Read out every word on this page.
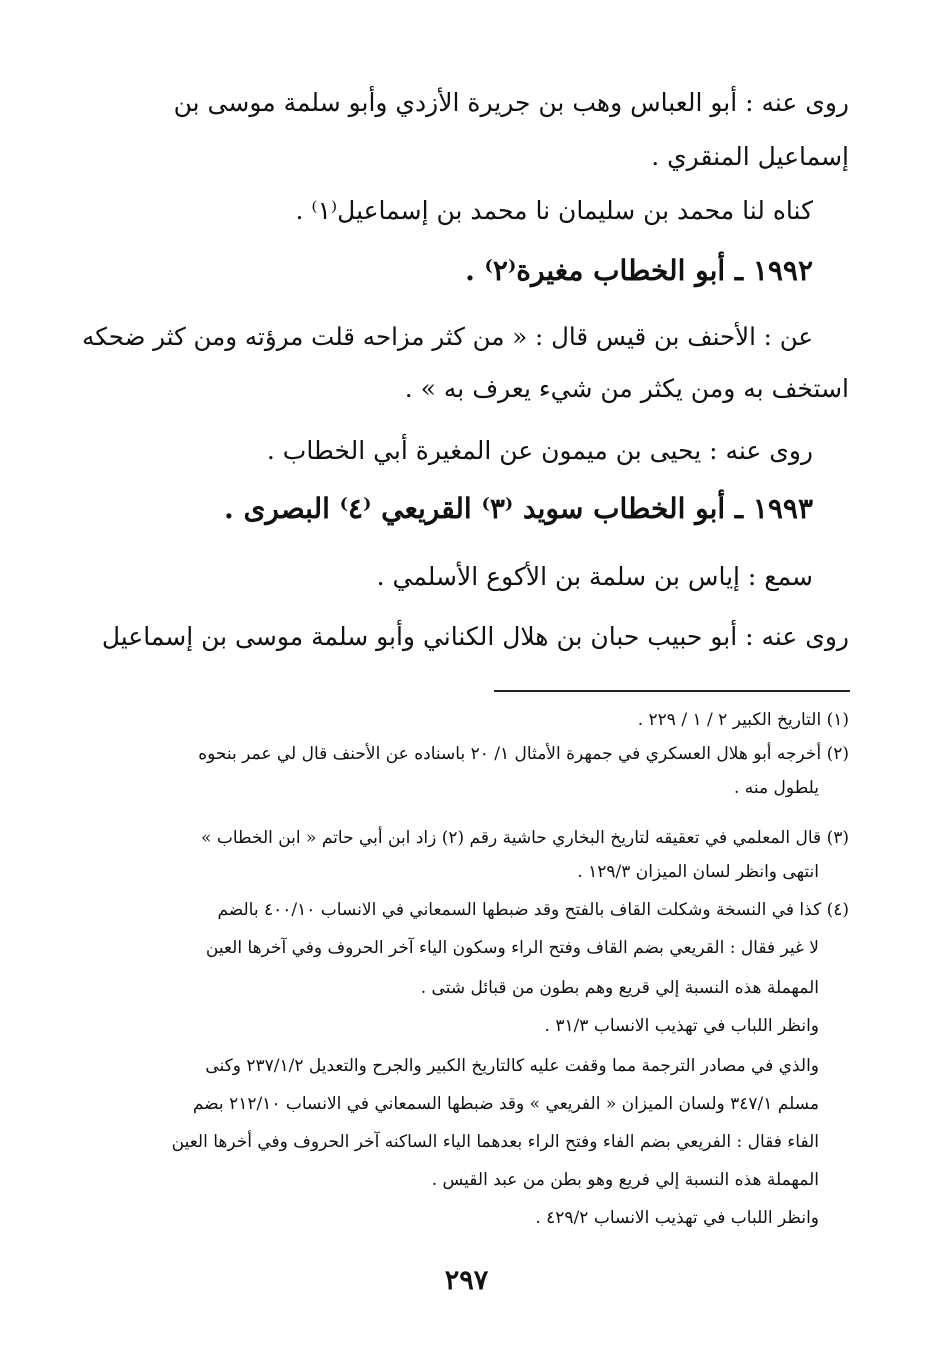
روى عنه : أبو العباس وهب بن جريرة الأزدي وأبو سلمة موسى بن
إسماعيل المنقري .
كناه لنا محمد بن سليمان نا محمد بن إسماعيل⁽١⁾ .
١٩٩٢ ـ أبو الخطاب مغيرة⁽٢⁾ .
عن : الأحنف بن قيس قال : « من كثر مزاحه قلت مرؤته ومن كثر ضحكه
استخف به ومن يكثر من شيء يعرف به » .
روى عنه : يحيى بن ميمون عن المغيرة أبي الخطاب .
١٩٩٣ ـ أبو الخطاب سويد ⁽٣⁾ القريعي ⁽٤⁾ البصرى .
سمع : إياس بن سلمة بن الأكوع الأسلمي .
روى عنه : أبو حبيب حبان بن هلال الكناني وأبو سلمة موسى بن إسماعيل
(١) التاريخ الكبير ٢ / ١ / ٢٢٩ .
(٢) أخرجه أبو هلال العسكري في جمهرة الأمثال ١/ ٢٠ باسناده عن الأحنف قال لي عمر بنحوه
يلطول منه .
(٣) قال المعلمي في تعقيقه لتاريخ البخاري حاشية رقم (٢) زاد ابن أبي حاتم « ابن الخطاب »
انتهى وانظر لسان الميزان ١٢٩/٣ .
(٤) كذا في النسخة وشكلت القاف بالفتح وقد ضبطها السمعاني في الانساب ٤٠٠/١٠ بالضم
لا غير فقال : القريعي بضم القاف وفتح الراء وسكون الياء آخر الحروف وفي آخرها العين
المهملة هذه النسبة إلي قريع وهم بطون من قبائل شتى .
وانظر اللباب في تهذيب الانساب ٣١/٣ .
والذي في مصادر الترجمة مما وقفت عليه كالتاريخ الكبير والجرح والتعديل ٢٣٧/١/٢ وكنى
مسلم ٣٤٧/١ ولسان الميزان « الفريعي » وقد ضبطها السمعاني في الانساب ٢١٢/١٠ بضم
الفاء فقال : الفريعي بضم الفاء وفتح الراء بعدهما الياء الساكنه آخر الحروف وفي أخرها العين
المهملة هذه النسبة إلي فريع وهو بطن من عبد القيس .
وانظر اللباب في تهذيب الانساب ٤٢٩/٢ .
٢٩٧
